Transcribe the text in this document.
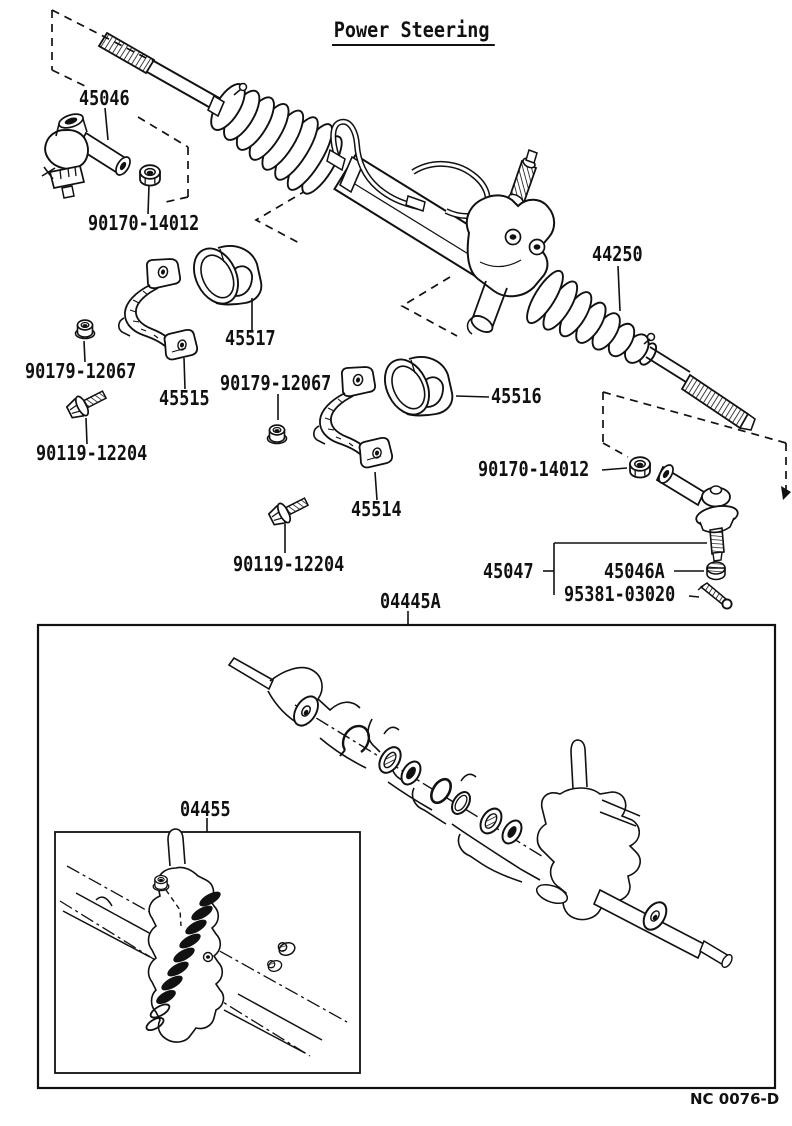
Power Steering
45046
90170-14012
45517
90179-12067
45515
90119-12204
90179-12067
45514
90119-12204
45516
44250
90170-14012
45047	45046A
95381-03020
04445A
04455
NC 0076-D
